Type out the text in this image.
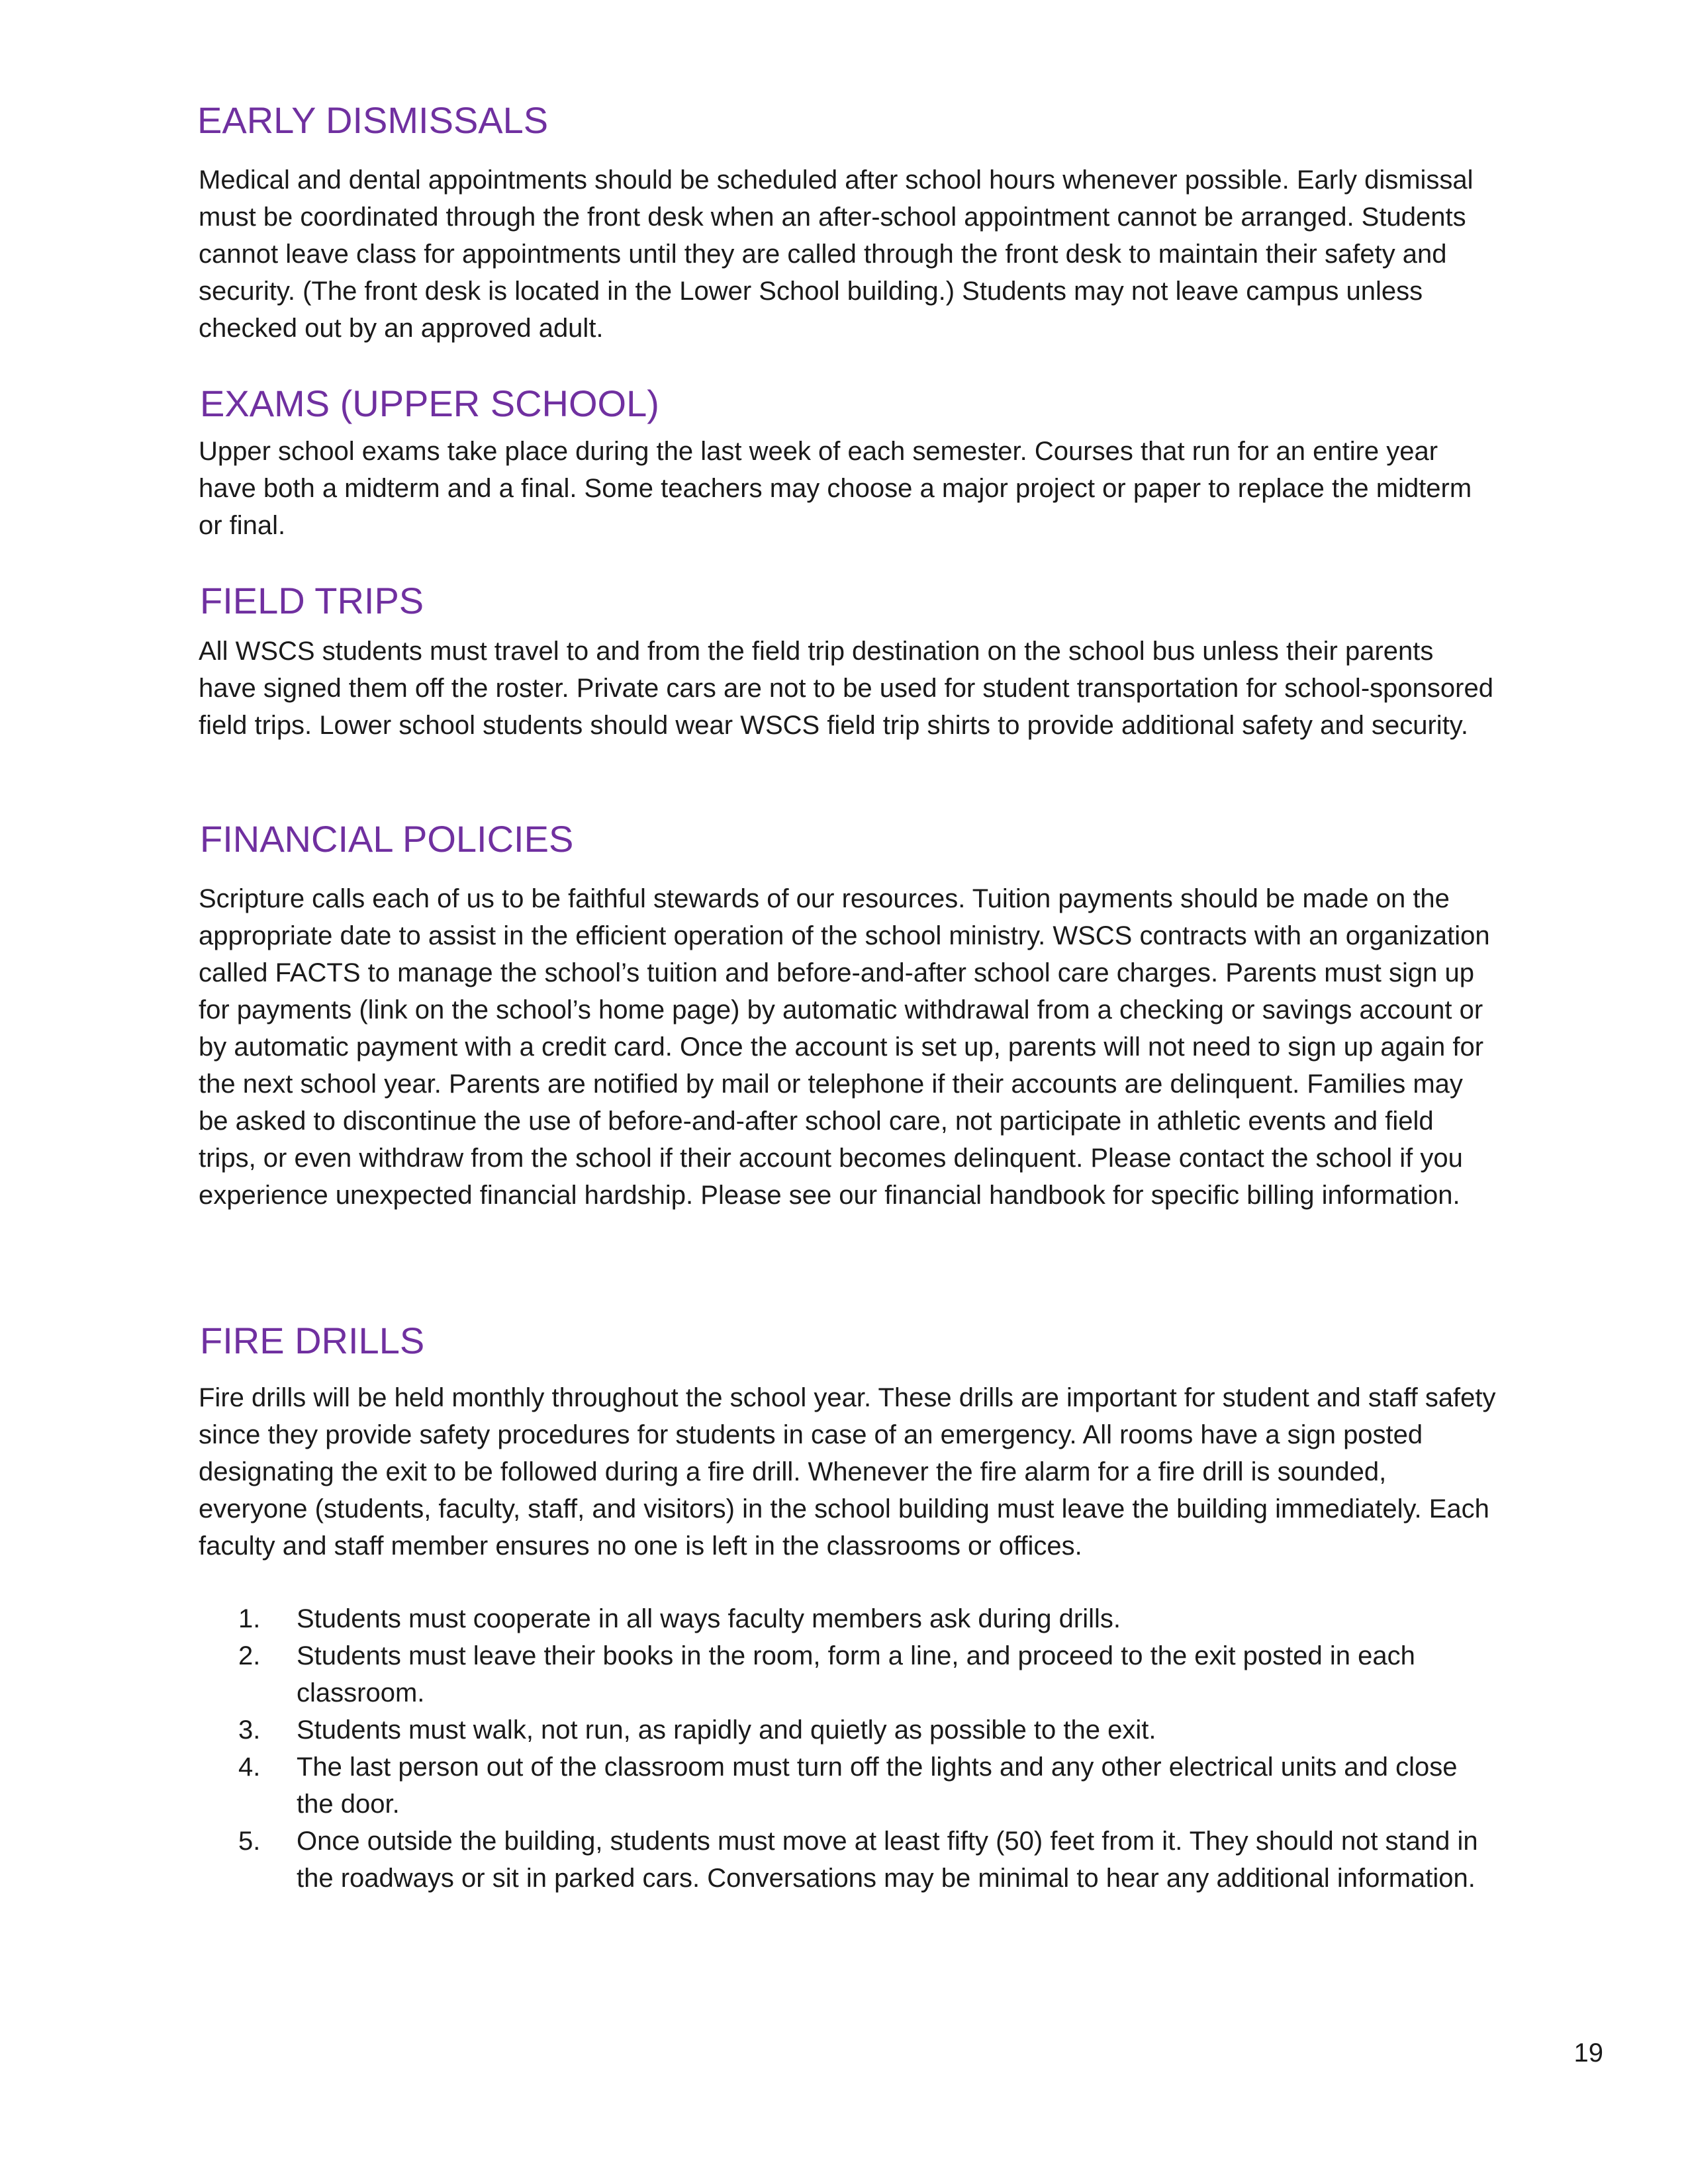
EARLY DISMISSALS

Medical and dental appointments should be scheduled after school hours whenever possible. Early dismissal must be coordinated through the front desk when an after-school appointment cannot be arranged. Students cannot leave class for appointments until they are called through the front desk to maintain their safety and security. (The front desk is located in the Lower School building.) Students may not leave campus unless checked out by an approved adult.

EXAMS (UPPER SCHOOL)

Upper school exams take place during the last week of each semester. Courses that run for an entire year have both a midterm and a final. Some teachers may choose a major project or paper to replace the midterm or final.

FIELD TRIPS

All WSCS students must travel to and from the field trip destination on the school bus unless their parents have signed them off the roster. Private cars are not to be used for student transportation for school-sponsored field trips. Lower school students should wear WSCS field trip shirts to provide additional safety and security.

FINANCIAL POLICIES

Scripture calls each of us to be faithful stewards of our resources. Tuition payments should be made on the appropriate date to assist in the efficient operation of the school ministry. WSCS contracts with an organization called FACTS to manage the school’s tuition and before-and-after school care charges. Parents must sign up for payments (link on the school’s home page) by automatic withdrawal from a checking or savings account or by automatic payment with a credit card. Once the account is set up, parents will not need to sign up again for the next school year. Parents are notified by mail or telephone if their accounts are delinquent. Families may be asked to discontinue the use of before-and-after school care, not participate in athletic events and field trips, or even withdraw from the school if their account becomes delinquent. Please contact the school if you experience unexpected financial hardship. Please see our financial handbook for specific billing information.

FIRE DRILLS

Fire drills will be held monthly throughout the school year. These drills are important for student and staff safety since they provide safety procedures for students in case of an emergency. All rooms have a sign posted designating the exit to be followed during a fire drill. Whenever the fire alarm for a fire drill is sounded, everyone (students, faculty, staff, and visitors) in the school building must leave the building immediately. Each faculty and staff member ensures no one is left in the classrooms or offices.

1. Students must cooperate in all ways faculty members ask during drills.
2. Students must leave their books in the room, form a line, and proceed to the exit posted in each classroom.
3. Students must walk, not run, as rapidly and quietly as possible to the exit.
4. The last person out of the classroom must turn off the lights and any other electrical units and close the door.
5. Once outside the building, students must move at least fifty (50) feet from it. They should not stand in the roadways or sit in parked cars. Conversations may be minimal to hear any additional information.
19
